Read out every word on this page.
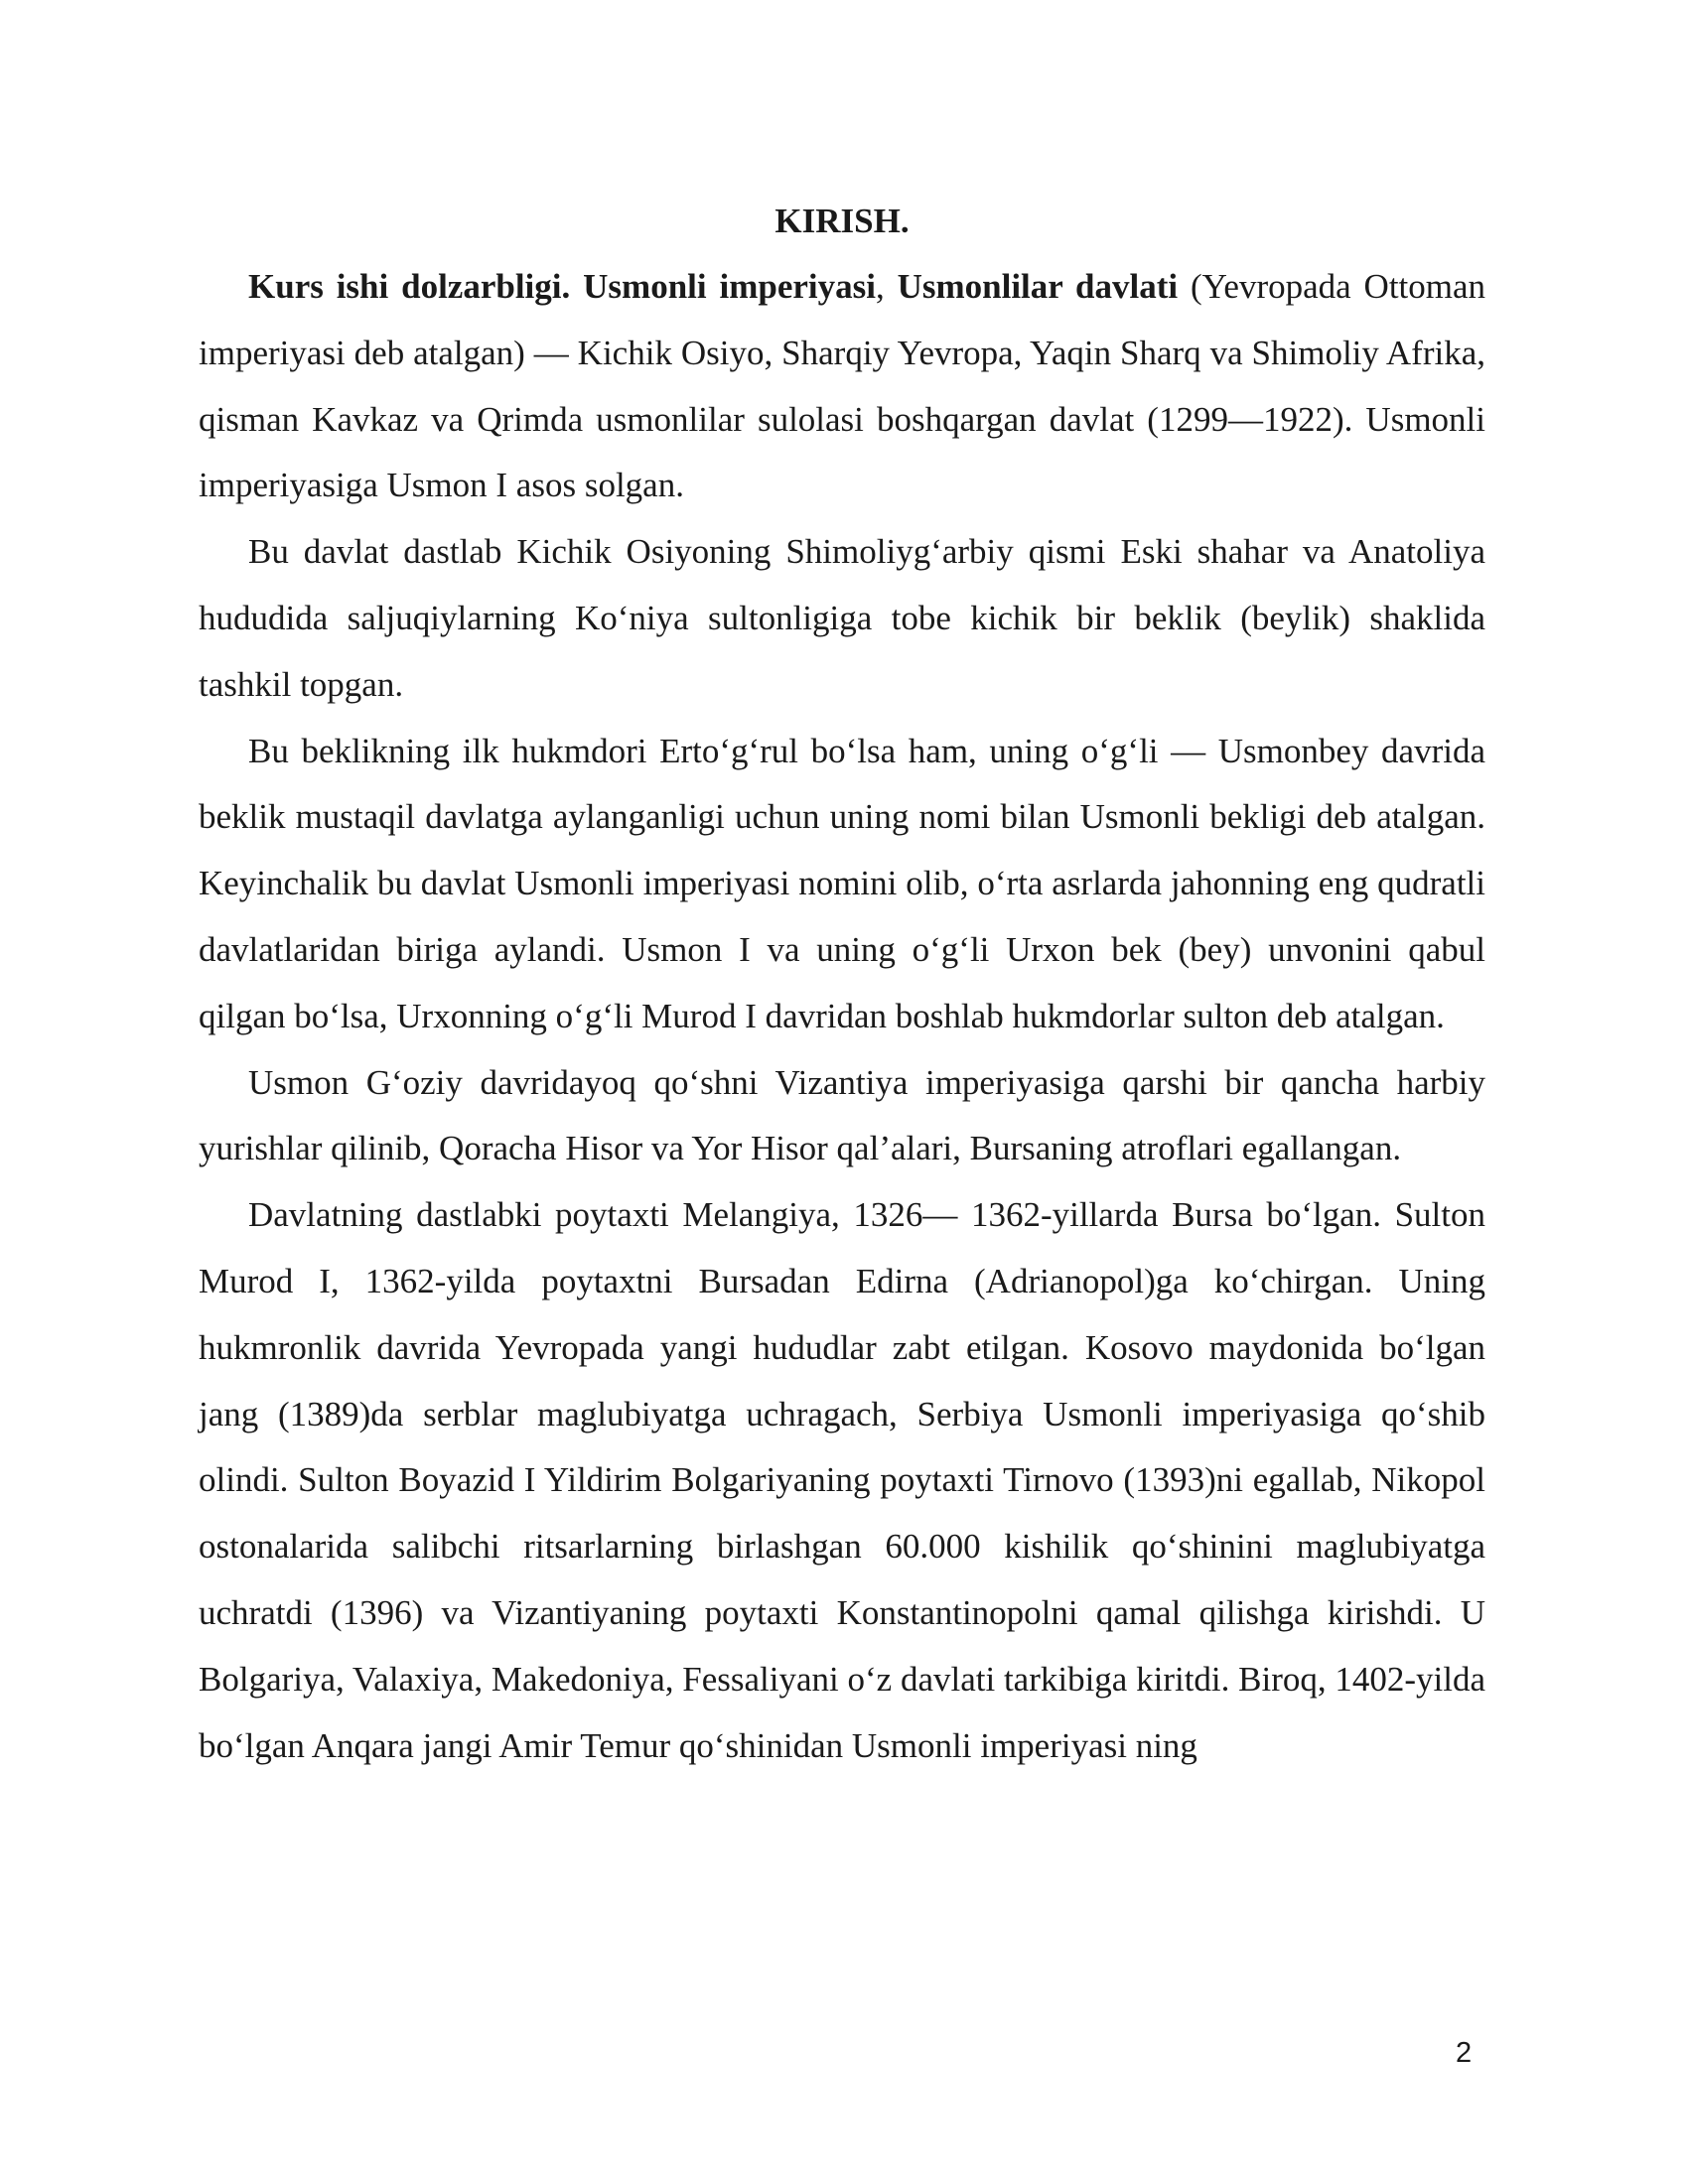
KIRISH.

Kurs ishi dolzarbligi. Usmonli imperiyasi, Usmonlilar davlati (Yevropada Ottoman imperiyasi deb atalgan) — Kichik Osiyo, Sharqiy Yevropa, Yaqin Sharq va Shimoliy Afrika, qisman Kavkaz va Qrimda usmonlilar sulolasi boshqargan davlat (1299—1922). Usmonli imperiyasiga Usmon I asos solgan.

Bu davlat dastlab Kichik Osiyoning Shimoliyg‘arbiy qismi Eski shahar va Anatoliya hududida saljuqiylarning Ko‘niya sultonligiga tobe kichik bir beklik (beylik) shaklida tashkil topgan.

Bu beklikning ilk hukmdori Erto‘g‘rul bo‘lsa ham, uning o‘g‘li — Usmonbey davrida beklik mustaqil davlatga aylanganligi uchun uning nomi bilan Usmonli bekligi deb atalgan. Keyinchalik bu davlat Usmonli imperiyasi nomini olib, o‘rta asrlarda jahonning eng qudratli davlatlaridan biriga aylandi. Usmon I va uning o‘g‘li Urxon bek (bey) unvonini qabul qilgan bo‘lsa, Urxonning o‘g‘li Murod I davridan boshlab hukmdorlar sulton deb atalgan.

Usmon G‘oziy davridayoq qo‘shni Vizantiya imperiyasiga qarshi bir qancha harbiy yurishlar qilinib, Qoracha Hisor va Yor Hisor qal’alari, Bursaning atroflari egallangan.

Davlatning dastlabki poytaxti Melangiya, 1326— 1362-yillarda Bursa bo‘lgan. Sulton Murod I, 1362-yilda poytaxtni Bursadan Edirna (Adrianopol)ga ko‘chirgan. Uning hukmronlik davrida Yevropada yangi hududlar zabt etilgan. Kosovo maydonida bo‘lgan jang (1389)da serblar maglubiyatga uchragach, Serbiya Usmonli imperiyasiga qo‘shib olindi. Sulton Boyazid I Yildirim Bolgariyaning poytaxti Tirnovo (1393)ni egallab, Nikopol ostonalarida salibchi ritsarlarning birlashgan 60.000 kishilik qo‘shinini maglubiyatga uchratdi (1396) va Vizantiyaning poytaxti Konstantinopolni qamal qilishga kirishdi. U Bolgariya, Valaxiya, Makedoniya, Fessaliyani o‘z davlati tarkibiga kiritdi. Biroq, 1402-yilda bo‘lgan Anqara jangi Amir Temur qo‘shinidan Usmonli imperiyasi ning

2
